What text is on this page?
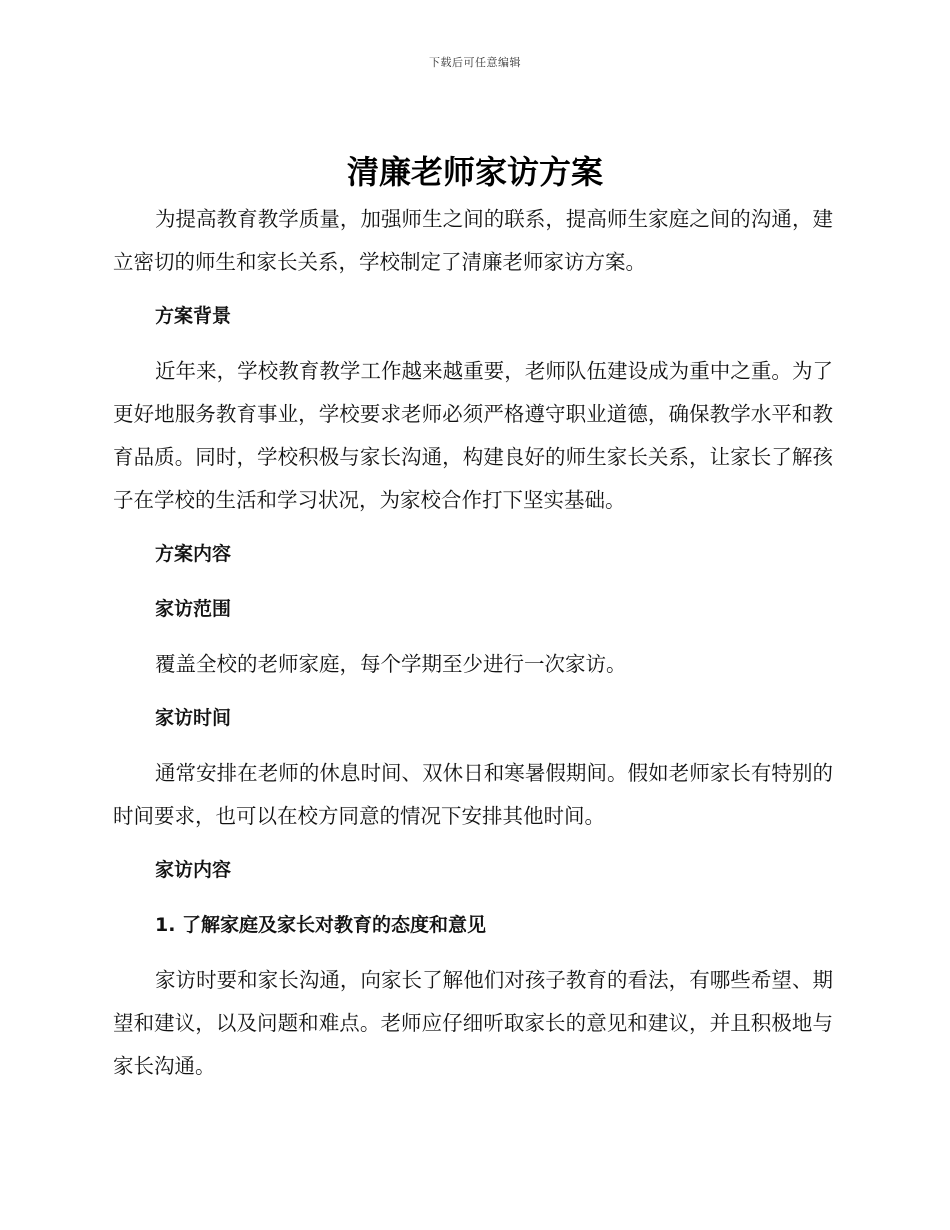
下载后可任意编辑
清廉老师家访方案

为提高教育教学质量，加强师生之间的联系，提高师生家庭之间的沟通，建立密切的师生和家长关系，学校制定了清廉老师家访方案。

方案背景

近年来，学校教育教学工作越来越重要，老师队伍建设成为重中之重。为了更好地服务教育事业，学校要求老师必须严格遵守职业道德，确保教学水平和教育品质。同时，学校积极与家长沟通，构建良好的师生家长关系，让家长了解孩子在学校的生活和学习状况，为家校合作打下坚实基础。

方案内容
家访范围

覆盖全校的老师家庭，每个学期至少进行一次家访。

家访时间

通常安排在老师的休息时间、双休日和寒暑假期间。假如老师家长有特别的时间要求，也可以在校方同意的情况下安排其他时间。

家访内容
1. 了解家庭及家长对教育的态度和意见

家访时要和家长沟通，向家长了解他们对孩子教育的看法，有哪些希望、期望和建议，以及问题和难点。老师应仔细听取家长的意见和建议，并且积极地与家长沟通。
